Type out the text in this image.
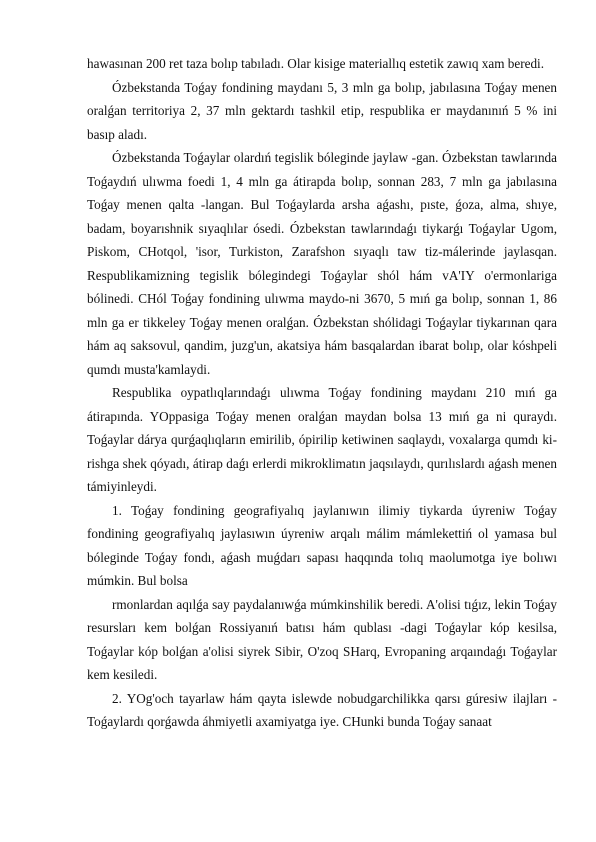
hawasınan 200 ret taza bolıp tabıladı. Olar kisige materiallıq estetik zawıq xam beredi.

Ózbekstanda Toǵay fondining maydanı 5, 3 mln ga bolıp, jabılasına Toǵay menen oralǵan territoriya 2, 37 mln gektardı tashkil etip, respublika er maydanınıń 5 % ini basıp aladı.

Ózbekstanda Toǵaylar olardıń tegislik bóleginde jaylaw -gan. Ózbekstan tawlarında Toǵaydıń ulıwma foedi 1, 4 mln ga átirapda bolıp, sonnan 283, 7 mln ga jabılasına Toǵay menen qalta -langan. Bul Toǵaylarda arsha aǵashı, pıste, ǵoza, alma, shıye, badam, boyarıshnik sıyaqlılar ósedi. Ózbekstan tawlarındaǵı tiykarǵı Toǵaylar Ugom, Piskom, CHotqol, 'isor, Turkiston, Zarafshon sıyaqlı taw tiz-málerinde jaylasqan. Respublikamizning tegislik bólegindegi Toǵaylar shól hám vA'IY o'ermonlariga bólinedi. CHól Toǵay fondining ulıwma maydo-ni 3670, 5 mıń ga bolıp, sonnan 1, 86 mln ga er tikkeley Toǵay menen oralǵan. Ózbekstan shólidagi Toǵaylar tiykarınan qara hám aq saksovul, qandim, juzg'un, akatsiya hám basqalardan ibarat bolıp, olar kóshpeli qumdı musta'kamlaydi.

Respublika oypatlıqlarındaǵı ulıwma Toǵay fondining maydanı 210 mıń ga átirapında. YOppasiga Toǵay menen oralǵan maydan bolsa 13 mıń ga ni quraydı. Toǵaylar dárya qurǵaqlıqların emirilib, ópirilip ketiwinen saqlaydı, voxalarga qumdı ki-rishga shek qóyadı, átirap daǵı erlerdi mikroklimatın jaqsılaydı, qurılıslardı aǵash menen támiyinleydi.

1. Toǵay fondining geografiyalıq jaylanıwın ilimiy tiykarda úyreniw Toǵay fondining geografiyalıq jaylasıwın úyreniw arqalı málim mámlekettiń ol yamasa bul bóleginde Toǵay fondı, aǵash muǵdarı sapası haqqında tolıq maolumotga iye bolıwı múmkin. Bul bolsa

rmonlardan aqılǵa say paydalanıwǵa múmkinshilik beredi. A'olisi tıǵız, lekin Toǵay resursları kem bolǵan Rossiyanıń batısı hám qublası -dagi Toǵaylar kóp kesilsa, Toǵaylar kóp bolǵan a'olisi siyrek Sibir, O'zoq SHarq, Evropaning arqaındaǵı Toǵaylar kem kesiledi.

2. YOg'och tayarlaw hám qayta islewde nobudgarchilikka qarsı gúresiw ilajları -Toǵaylardı qorǵawda áhmiyetli axamiyatga iye. CHunki bunda Toǵay sanaat
